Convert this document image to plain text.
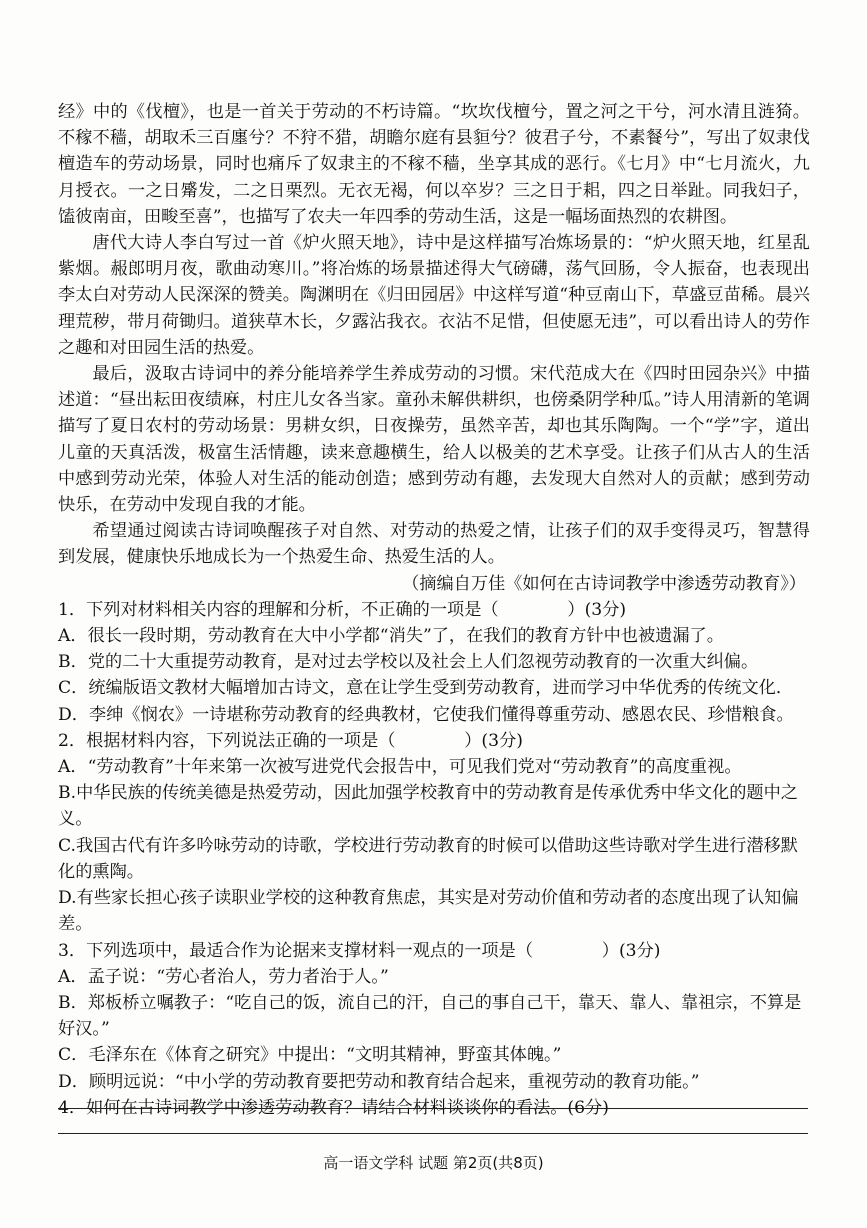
经》中的《伐檀》，也是一首关于劳动的不朽诗篇。“坎坎伐檀兮，置之河之干兮，河水清且涟猗。不稼不穑，胡取禾三百廛兮？不狩不猎，胡瞻尔庭有县貆兮？彼君子兮，不素餐兮”，写出了奴隶伐檀造车的劳动场景，同时也痛斥了奴隶主的不稼不穑，坐享其成的恶行。《七月》中“七月流火，九月授衣。一之日觱发，二之日栗烈。无衣无褐，何以卒岁？三之日于耜，四之日举趾。同我妇子，馌彼南亩，田畯至喜”，也描写了农夫一年四季的劳动生活，这是一幅场面热烈的农耕图。

唐代大诗人李白写过一首《炉火照天地》，诗中是这样描写冶炼场景的：“炉火照天地，红星乱紫烟。赧郎明月夜，歌曲动寒川。”将冶炼的场景描述得大气磅礴，荡气回肠，令人振奋，也表现出李太白对劳动人民深深的赞美。陶渊明在《归田园居》中这样写道“种豆南山下，草盛豆苗稀。晨兴理荒秽，带月荷锄归。道狭草木长，夕露沾我衣。衣沾不足惜，但使愿无违”，可以看出诗人的劳作之趣和对田园生活的热爱。

最后，汲取古诗词中的养分能培养学生养成劳动的习惯。宋代范成大在《四时田园杂兴》中描述道：“昼出耘田夜绩麻，村庄儿女各当家。童孙未解供耕织，也傍桑阴学种瓜。”诗人用清新的笔调描写了夏日农村的劳动场景：男耕女织，日夜操劳，虽然辛苦，却也其乐陶陶。一个“学”字，道出儿童的天真活泼，极富生活情趣，读来意趣横生，给人以极美的艺术享受。让孩子们从古人的生活中感到劳动光荣，体验人对生活的能动创造；感到劳动有趣，去发现大自然对人的贡献；感到劳动快乐，在劳动中发现自我的才能。

希望通过阅读古诗词唤醒孩子对自然、对劳动的热爱之情，让孩子们的双手变得灵巧，智慧得到发展，健康快乐地成长为一个热爱生命、热爱生活的人。

（摘编自万佳《如何在古诗词教学中渗透劳动教育》）

1．下列对材料相关内容的理解和分析，不正确的一项是（　　　　）(3分)

A．很长一段时期，劳动教育在大中小学都“消失”了，在我们的教育方针中也被遗漏了。

B．党的二十大重提劳动教育，是对过去学校以及社会上人们忽视劳动教育的一次重大纠偏。

C．统编版语文教材大幅增加古诗文，意在让学生受到劳动教育，进而学习中华优秀的传统文化．

D．李绅《悯农》一诗堪称劳动教育的经典教材，它使我们懂得尊重劳动、感恩农民、珍惜粮食。

2．根据材料内容，下列说法正确的一项是（　　　　）(3分)

A．“劳动教育”十年来第一次被写进党代会报告中，可见我们党对“劳动教育”的高度重视。

B.中华民族的传统美德是热爱劳动，因此加强学校教育中的劳动教育是传承优秀中华文化的题中之义。

C.我国古代有许多吟咏劳动的诗歌，学校进行劳动教育的时候可以借助这些诗歌对学生进行潜移默化的熏陶。

D.有些家长担心孩子读职业学校的这种教育焦虑，其实是对劳动价值和劳动者的态度出现了认知偏差。

3．下列选项中，最适合作为论据来支撑材料一观点的一项是（　　　　）(3分)

A．孟子说：“劳心者治人，劳力者治于人。”

B．郑板桥立嘱教子：“吃自己的饭，流自己的汗，自己的事自己干，靠天、靠人、靠祖宗，不算是好汉。”

C．毛泽东在《体育之研究》中提出：“文明其精神，野蛮其体魄。”

D．顾明远说：“中小学的劳动教育要把劳动和教育结合起来，重视劳动的教育功能。”

4．如何在古诗词教学中渗透劳动教育？请结合材料谈谈你的看法。(6分)

高一语文学科 试题 第2页(共8页)
